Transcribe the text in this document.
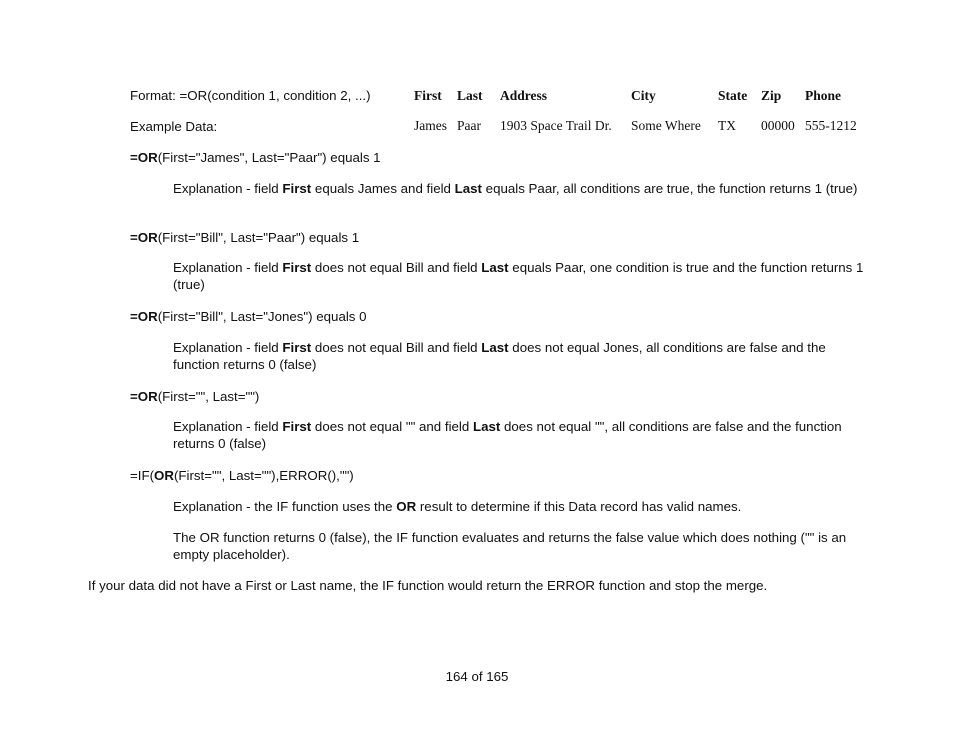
Format: =OR(condition 1, condition 2, ...)
Example Data:
First Last Address	City	State Zip Phone
James Paar 1903 Space Trail Dr. Some Where TX 00000 555-1212
=OR(First="James", Last="Paar") equals 1
Explanation - field First equals James and field Last equals Paar, all conditions are true, the function returns 1 (true)
=OR(First="Bill", Last="Paar") equals 1
Explanation - field First does not equal Bill and field Last equals Paar, one condition is true and the function returns 1 (true)
=OR(First="Bill", Last="Jones") equals 0
Explanation - field First does not equal Bill and field Last does not equal Jones, all conditions are false and the function returns 0 (false)
=OR(First="", Last="")
Explanation - field First does not equal "" and field Last does not equal "", all conditions are false and the function returns 0 (false)
=IF(OR(First="", Last=""),ERROR(),"")
Explanation - the IF function uses the OR result to determine if this Data record has valid names.
The OR function returns 0 (false), the IF function evaluates and returns the false value which does nothing ("" is an empty placeholder).
If your data did not have a First or Last name, the IF function would return the ERROR function and stop the merge.
164 of 165
